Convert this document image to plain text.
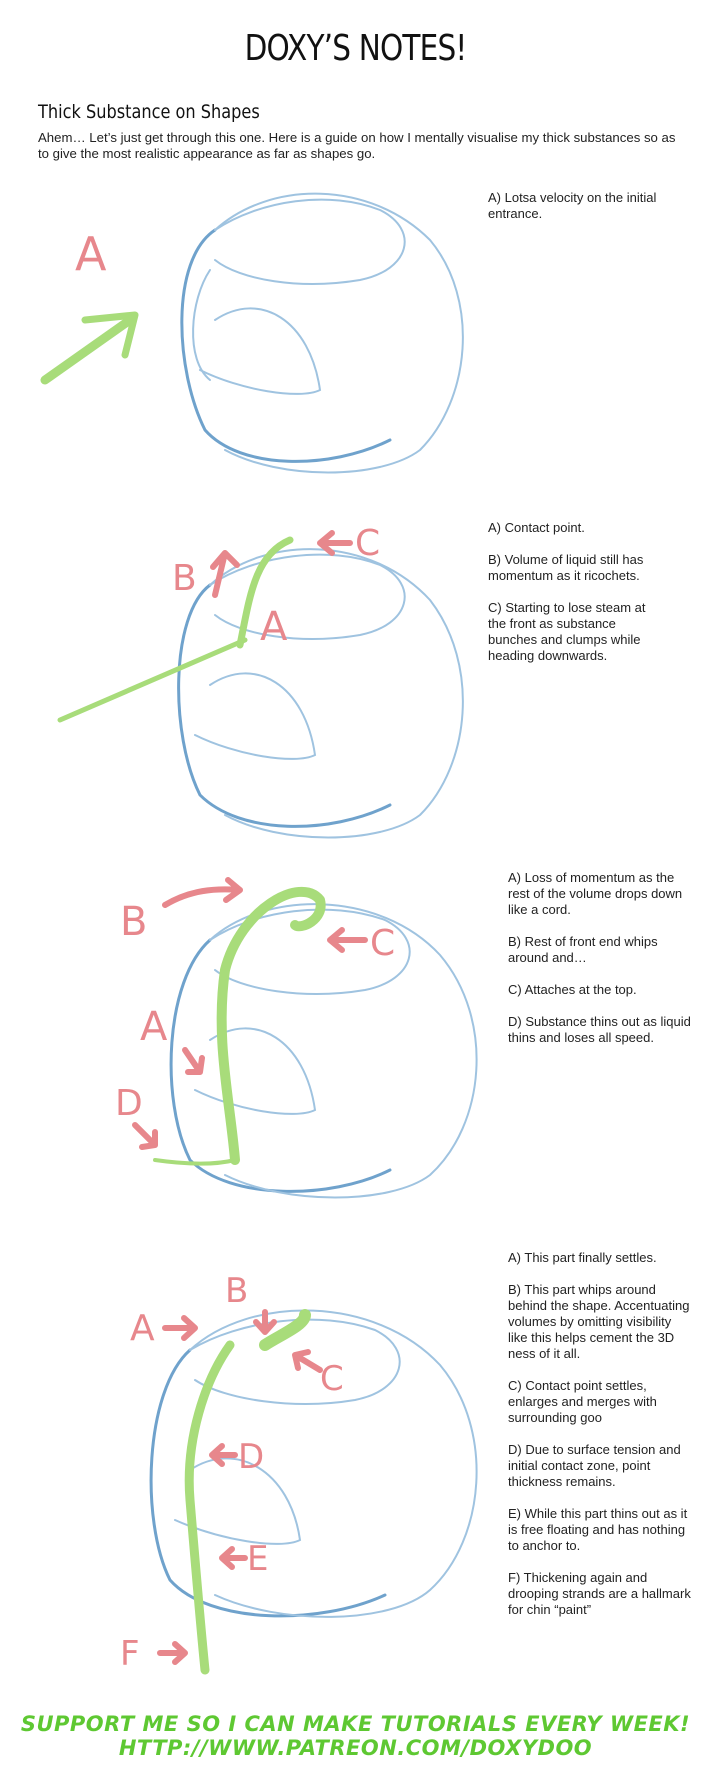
DOXY’S NOTES!
Thick Substance on Shapes
Ahem… Let’s just get through this one. Here is a guide on how I mentally visualise my thick substances so as to give the most realistic appearance as far as shapes go.
A

A) Lotsa velocity on the initial entrance.

A
B
C	A) Contact point.

B) Volume of liquid still has momentum as it ricochets.

C) Starting to lose steam at the front as substance bunches and clumps while heading downwards.

A
B	C
D

A) Loss of momentum as the rest of the volume drops down like a cord.

B) Rest of front end whips around and…

C) Attaches at the top.

D) Substance thins out as liquid thins and loses all speed.

A
B
C
D
E
F

A) This part finally settles.

B) This part whips around behind the shape. Accentuating volumes by omitting visibility like this helps cement the 3D ness of it all.

C) Contact point settles, enlarges and merges with surrounding goo

D) Due to surface tension and initial contact zone, point thickness remains.

E) While this part thins out as it is free floating and has nothing to anchor to.

F) Thickening again and drooping strands are a hallmark for chin “paint”

SUPPORT ME SO I CAN MAKE TUTORIALS EVERY WEEK!
HTTP://WWW.PATREON.COM/DOXYDOO
